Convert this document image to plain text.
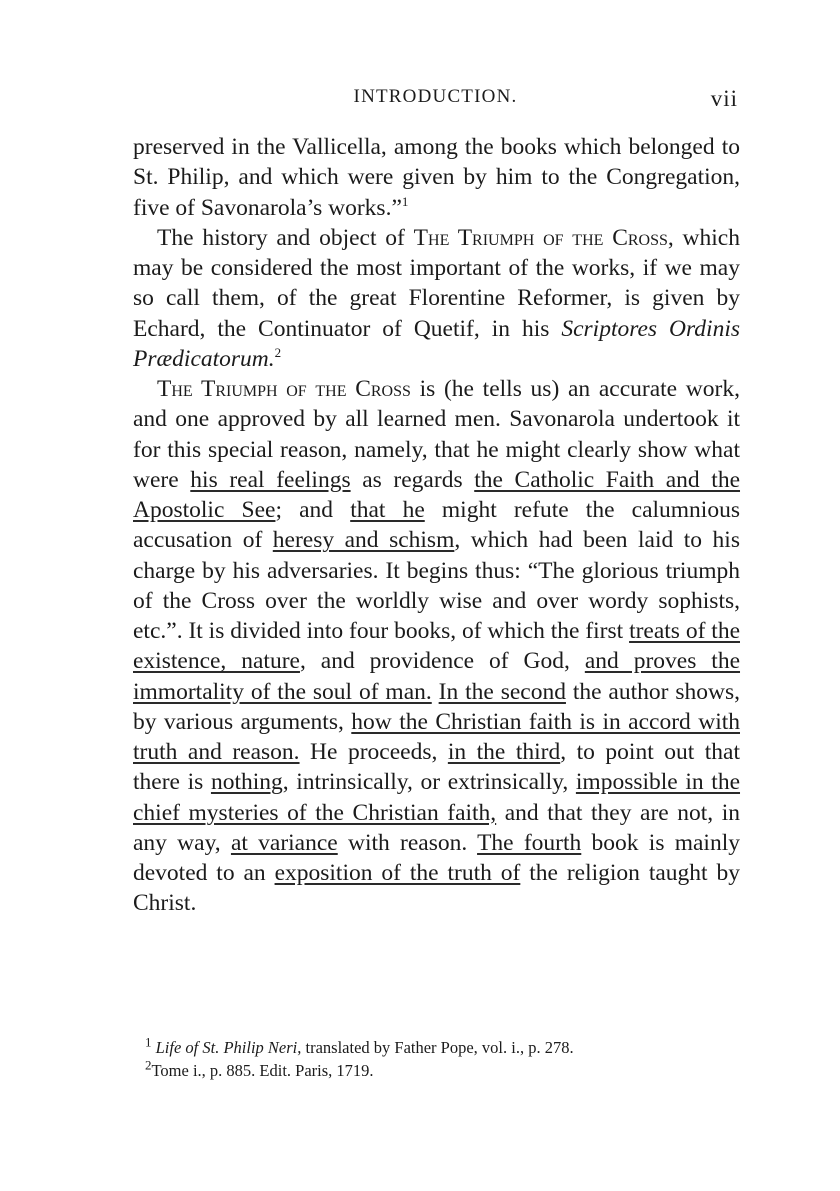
INTRODUCTION.	vii

preserved in the Vallicella, among the books which belonged to St. Philip, and which were given by him to the Congregation, five of Savonarola’s works.”$^1$

The history and object of The Triumph of the Cross, which may be considered the most important of the works, if we may so call them, of the great Florentine Reformer, is given by Echard, the Continuator of Quetif, in his Scriptores Ordinis Prædicatorum.$^2$

The Triumph of the Cross is (he tells us) an accurate work, and one approved by all learned men. Savonarola undertook it for this special reason, namely, that he might clearly show what were his real feelings as regards the Catholic Faith and the Apostolic See; and that he might refute the calumnious accusation of heresy and schism, which had been laid to his charge by his adversaries. It begins thus: “The glorious triumph of the Cross over the worldly wise and over wordy sophists, etc.”. It is divided into four books, of which the first treats of the existence, nature, and providence of God, and proves the immortality of the soul of man. In the second the author shows, by various arguments, how the Christian faith is in accord with truth and reason. He proceeds, in the third, to point out that there is nothing, intrinsically, or extrinsically, impossible in the chief mysteries of the Christian faith, and that they are not, in any way, at variance with reason. The fourth book is mainly devoted to an exposition of the truth of the religion taught by Christ.

$^1$ Life of St. Philip Neri, translated by Father Pope, vol. i., p. 278.

$^2$Tome i., p. 885. Edit. Paris, 1719.
